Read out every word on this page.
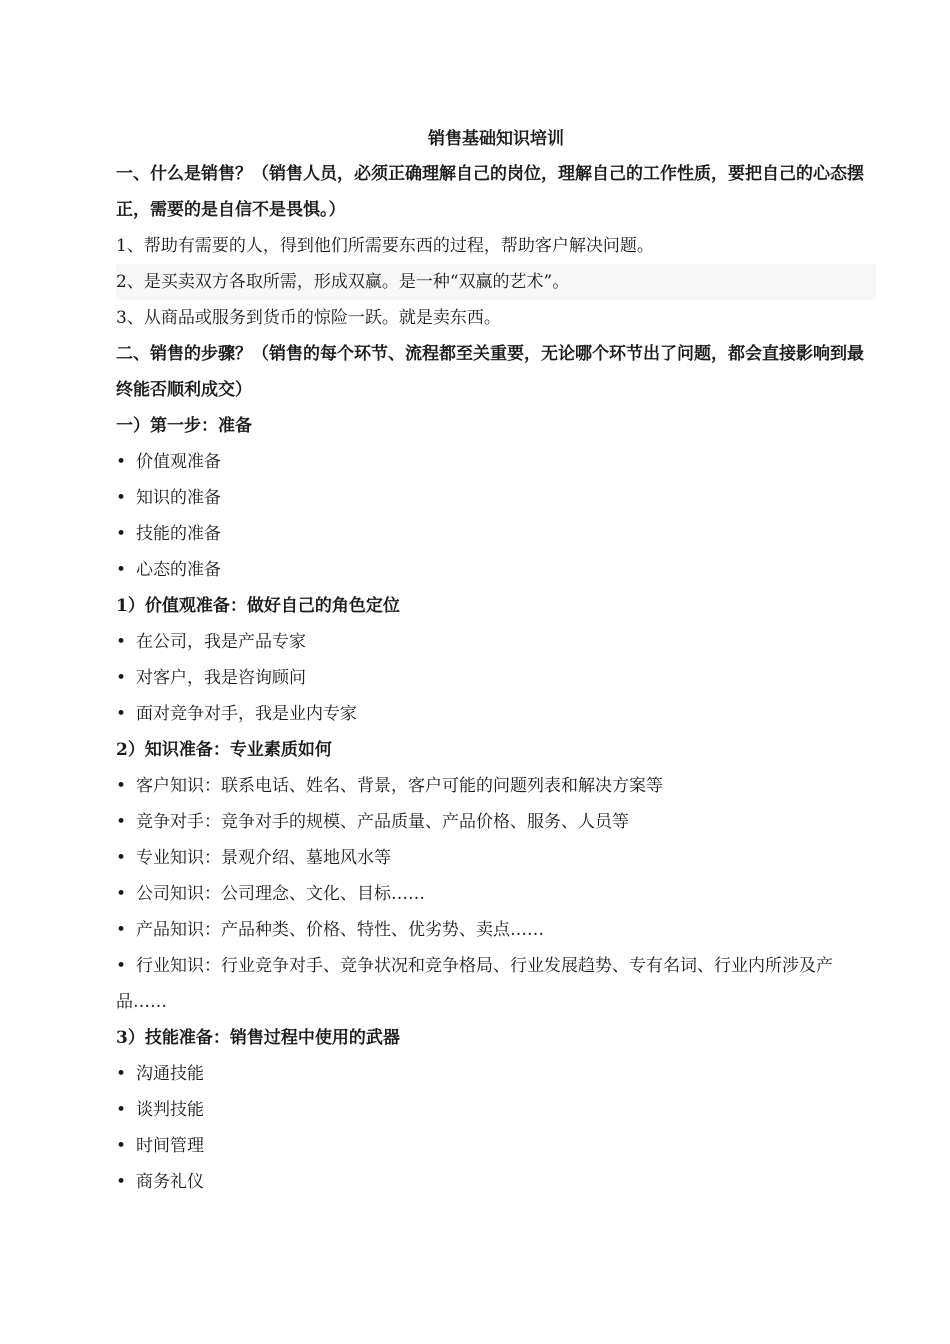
销售基础知识培训

一、什么是销售？（销售人员，必须正确理解自己的岗位，理解自己的工作性质，要把自己的心态摆正，需要的是自信不是畏惧。）

1、帮助有需要的人，得到他们所需要东西的过程，帮助客户解决问题。

2、是买卖双方各取所需，形成双赢。是一种“双赢的艺术”。

3、从商品或服务到货币的惊险一跃。就是卖东西。

二、销售的步骤？（销售的每个环节、流程都至关重要，无论哪个环节出了问题，都会直接影响到最终能否顺利成交）

一）第一步：准备

• 价值观准备

• 知识的准备

• 技能的准备

• 心态的准备

1）价值观准备：做好自己的角色定位

• 在公司，我是产品专家

• 对客户，我是咨询顾问

• 面对竞争对手，我是业内专家

2）知识准备：专业素质如何

• 客户知识：联系电话、姓名、背景，客户可能的问题列表和解决方案等

• 竞争对手：竞争对手的规模、产品质量、产品价格、服务、人员等

• 专业知识：景观介绍、墓地风水等

• 公司知识：公司理念、文化、目标……

• 产品知识：产品种类、价格、特性、优劣势、卖点……

• 行业知识：行业竞争对手、竞争状况和竞争格局、行业发展趋势、专有名词、行业内所涉及产品……

3）技能准备：销售过程中使用的武器

• 沟通技能

• 谈判技能

• 时间管理

• 商务礼仪
